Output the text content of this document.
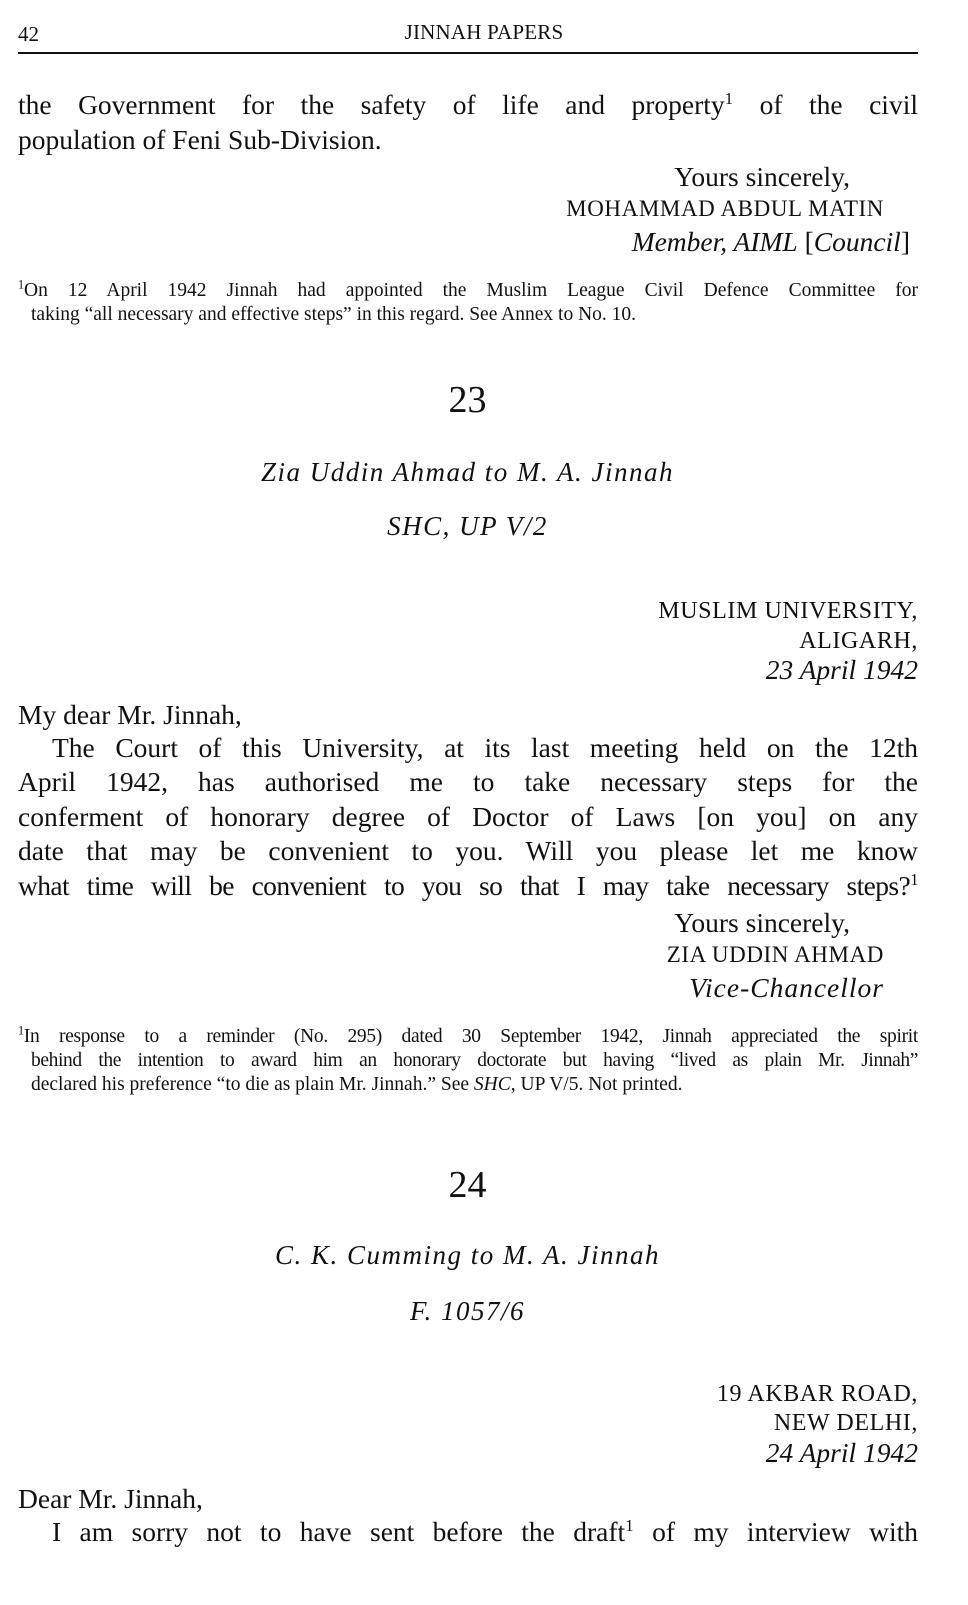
42	JINNAH PAPERS
the Government for the safety of life and property$^1$ of the civil
population of Feni Sub-Division.
Yours sincerely,
MOHAMMAD ABDUL MATIN
Member, AIML [Council]
$^1$On 12 April 1942 Jinnah had appointed the Muslim League Civil Defence Committee for
taking “all necessary and effective steps” in this regard. See Annex to No. 10.
23
Zia Uddin Ahmad to M. A. Jinnah
SHC, UP V/2
MUSLIM UNIVERSITY,
ALIGARH,
23 April 1942
My dear Mr. Jinnah,
The Court of this University, at its last meeting held on the 12th
April 1942, has authorised me to take necessary steps for the
conferment of honorary degree of Doctor of Laws [on you] on any
date that may be convenient to you. Will you please let me know
what time will be convenient to you so that I may take necessary steps?$^1$
Yours sincerely,
ZIA UDDIN AHMAD
Vice-Chancellor
$^1$In response to a reminder (No. 295) dated 30 September 1942, Jinnah appreciated the spirit
behind the intention to award him an honorary doctorate but having “lived as plain Mr. Jinnah”
declared his preference “to die as plain Mr. Jinnah.” See SHC, UP V/5. Not printed.
24
C. K. Cumming to M. A. Jinnah
F. 1057/6
19 AKBAR ROAD,
NEW DELHI,
24 April 1942
Dear Mr. Jinnah,
I am sorry not to have sent before the draft$^1$ of my interview with
